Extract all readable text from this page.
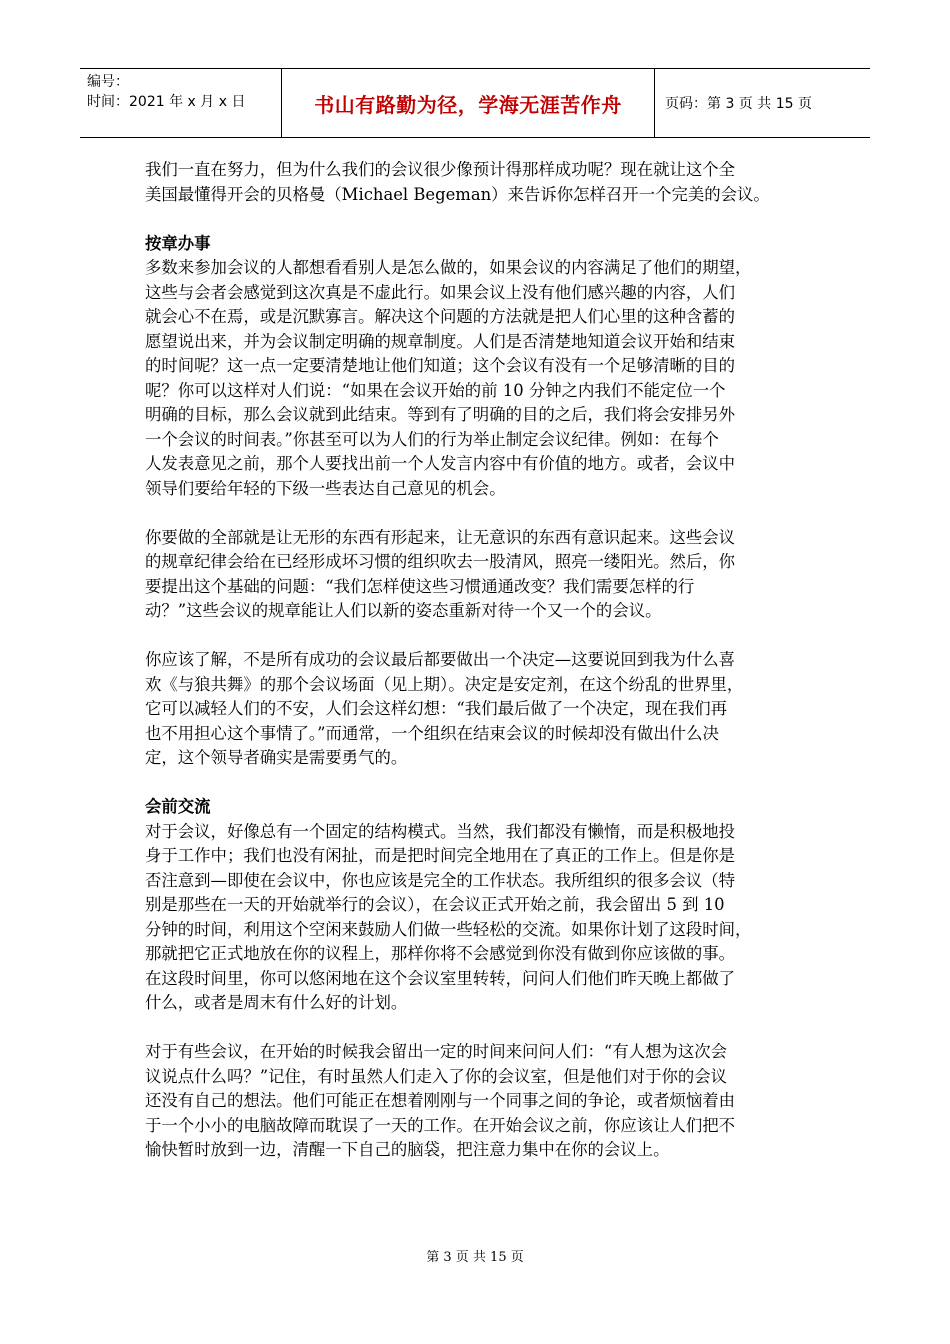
编号：
时间：2021 年 x 月 x 日	书山有路勤为径，学海无涯苦作舟	页码：第 3 页 共 15 页

我们一直在努力，但为什么我们的会议很少像预计得那样成功呢？现在就让这个全

美国最懂得开会的贝格曼（Michael Begeman）来告诉你怎样召开一个完美的会议。

按章办事

多数来参加会议的人都想看看别人是怎么做的，如果会议的内容满足了他们的期望，

这些与会者会感觉到这次真是不虚此行。如果会议上没有他们感兴趣的内容，人们

就会心不在焉，或是沉默寡言。解决这个问题的方法就是把人们心里的这种含蓄的

愿望说出来，并为会议制定明确的规章制度。人们是否清楚地知道会议开始和结束

的时间呢？这一点一定要清楚地让他们知道；这个会议有没有一个足够清晰的目的

呢？你可以这样对人们说：“如果在会议开始的前 10 分钟之内我们不能定位一个

明确的目标，那么会议就到此结束。等到有了明确的目的之后，我们将会安排另外

一个会议的时间表。”你甚至可以为人们的行为举止制定会议纪律。例如：在每个

人发表意见之前，那个人要找出前一个人发言内容中有价值的地方。或者，会议中

领导们要给年轻的下级一些表达自己意见的机会。

你要做的全部就是让无形的东西有形起来，让无意识的东西有意识起来。这些会议

的规章纪律会给在已经形成坏习惯的组织吹去一股清风，照亮一缕阳光。然后，你

要提出这个基础的问题：“我们怎样使这些习惯通通改变？我们需要怎样的行

动？”这些会议的规章能让人们以新的姿态重新对待一个又一个的会议。

你应该了解，不是所有成功的会议最后都要做出一个决定—这要说回到我为什么喜

欢《与狼共舞》的那个会议场面（见上期）。决定是安定剂，在这个纷乱的世界里，

它可以减轻人们的不安，人们会这样幻想：“我们最后做了一个决定，现在我们再

也不用担心这个事情了。”而通常，一个组织在结束会议的时候却没有做出什么决

定，这个领导者确实是需要勇气的。

会前交流

对于会议，好像总有一个固定的结构模式。当然，我们都没有懒惰，而是积极地投

身于工作中；我们也没有闲扯，而是把时间完全地用在了真正的工作上。但是你是

否注意到—即使在会议中，你也应该是完全的工作状态。我所组织的很多会议（特

别是那些在一天的开始就举行的会议），在会议正式开始之前，我会留出 5 到 10

分钟的时间，利用这个空闲来鼓励人们做一些轻松的交流。如果你计划了这段时间，

那就把它正式地放在你的议程上，那样你将不会感觉到你没有做到你应该做的事。

在这段时间里，你可以悠闲地在这个会议室里转转，问问人们他们昨天晚上都做了

什么，或者是周末有什么好的计划。

对于有些会议，在开始的时候我会留出一定的时间来问问人们：“有人想为这次会

议说点什么吗？”记住，有时虽然人们走入了你的会议室，但是他们对于你的会议

还没有自己的想法。他们可能正在想着刚刚与一个同事之间的争论，或者烦恼着由

于一个小小的电脑故障而耽误了一天的工作。在开始会议之前，你应该让人们把不

愉快暂时放到一边，清醒一下自己的脑袋，把注意力集中在你的会议上。

第 3 页 共 15 页
